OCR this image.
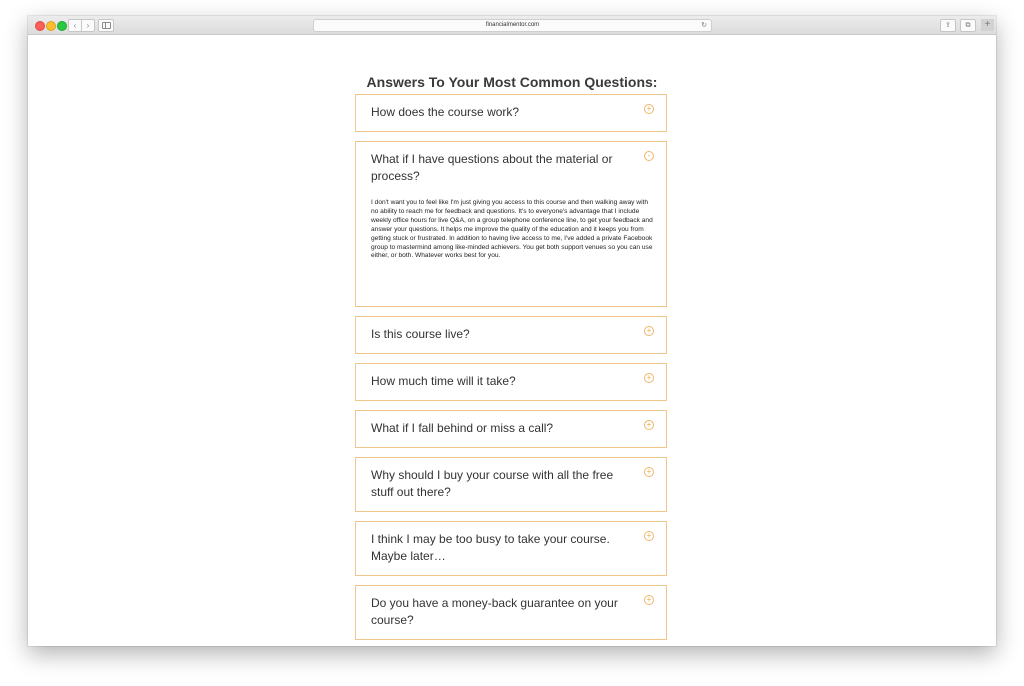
‹	›	financialmentor.com	↻	⇪	⧉	+
Answers To Your Most Common Questions:
How does the course work?	+
What if I have questions about the material or process?
-
I don't want you to feel like I'm just giving you access to this course and then walking away with no ability to reach me for feedback and questions. It's to everyone's advantage that I include weekly office hours for live Q&A, on a group telephone conference line, to get your feedback and answer your questions. It helps me improve the quality of the education and it keeps you from getting stuck or frustrated. In addition to having live access to me, I've added a private Facebook group to mastermind among like-minded achievers. You get both support venues so you can use either, or both. Whatever works best for you.
Is this course live?	+
How much time will it take?	+
What if I fall behind or miss a call?	+
Why should I buy your course with all the free stuff out there?
+
I think I may be too busy to take your course. Maybe later…
+
Do you have a money-back guarantee on your course?
+
